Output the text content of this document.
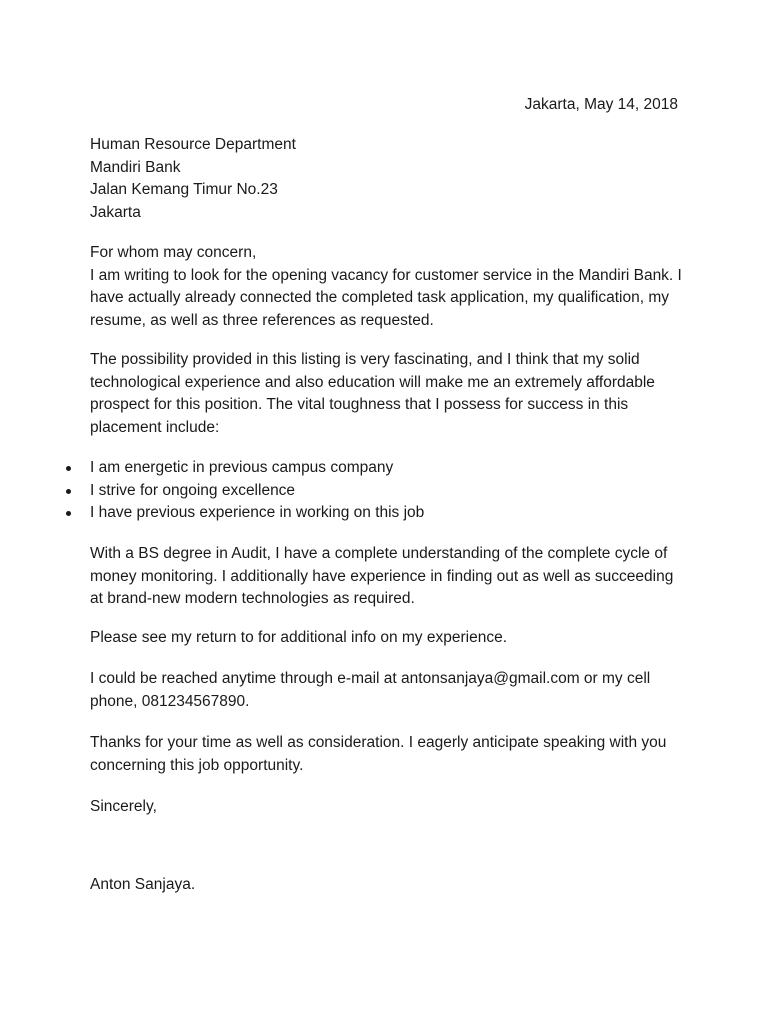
Jakarta, May 14, 2018
Human Resource Department
Mandiri Bank
Jalan Kemang Timur No.23
Jakarta

For whom may concern,

I am writing to look for the opening vacancy for customer service in the Mandiri Bank. I have actually already connected the completed task application, my qualification, my resume, as well as three references as requested.

The possibility provided in this listing is very fascinating, and I think that my solid technological experience and also education will make me an extremely affordable prospect for this position. The vital toughness that I possess for success in this placement include:

I am energetic in previous campus company
I strive for ongoing excellence
I have previous experience in working on this job

With a BS degree in Audit, I have a complete understanding of the complete cycle of money monitoring. I additionally have experience in finding out as well as succeeding at brand-new modern technologies as required.

Please see my return to for additional info on my experience.

I could be reached anytime through e-mail at antonsanjaya@gmail.com or my cell phone, 081234567890.

Thanks for your time as well as consideration. I eagerly anticipate speaking with you concerning this job opportunity.

Sincerely,

Anton Sanjaya.
